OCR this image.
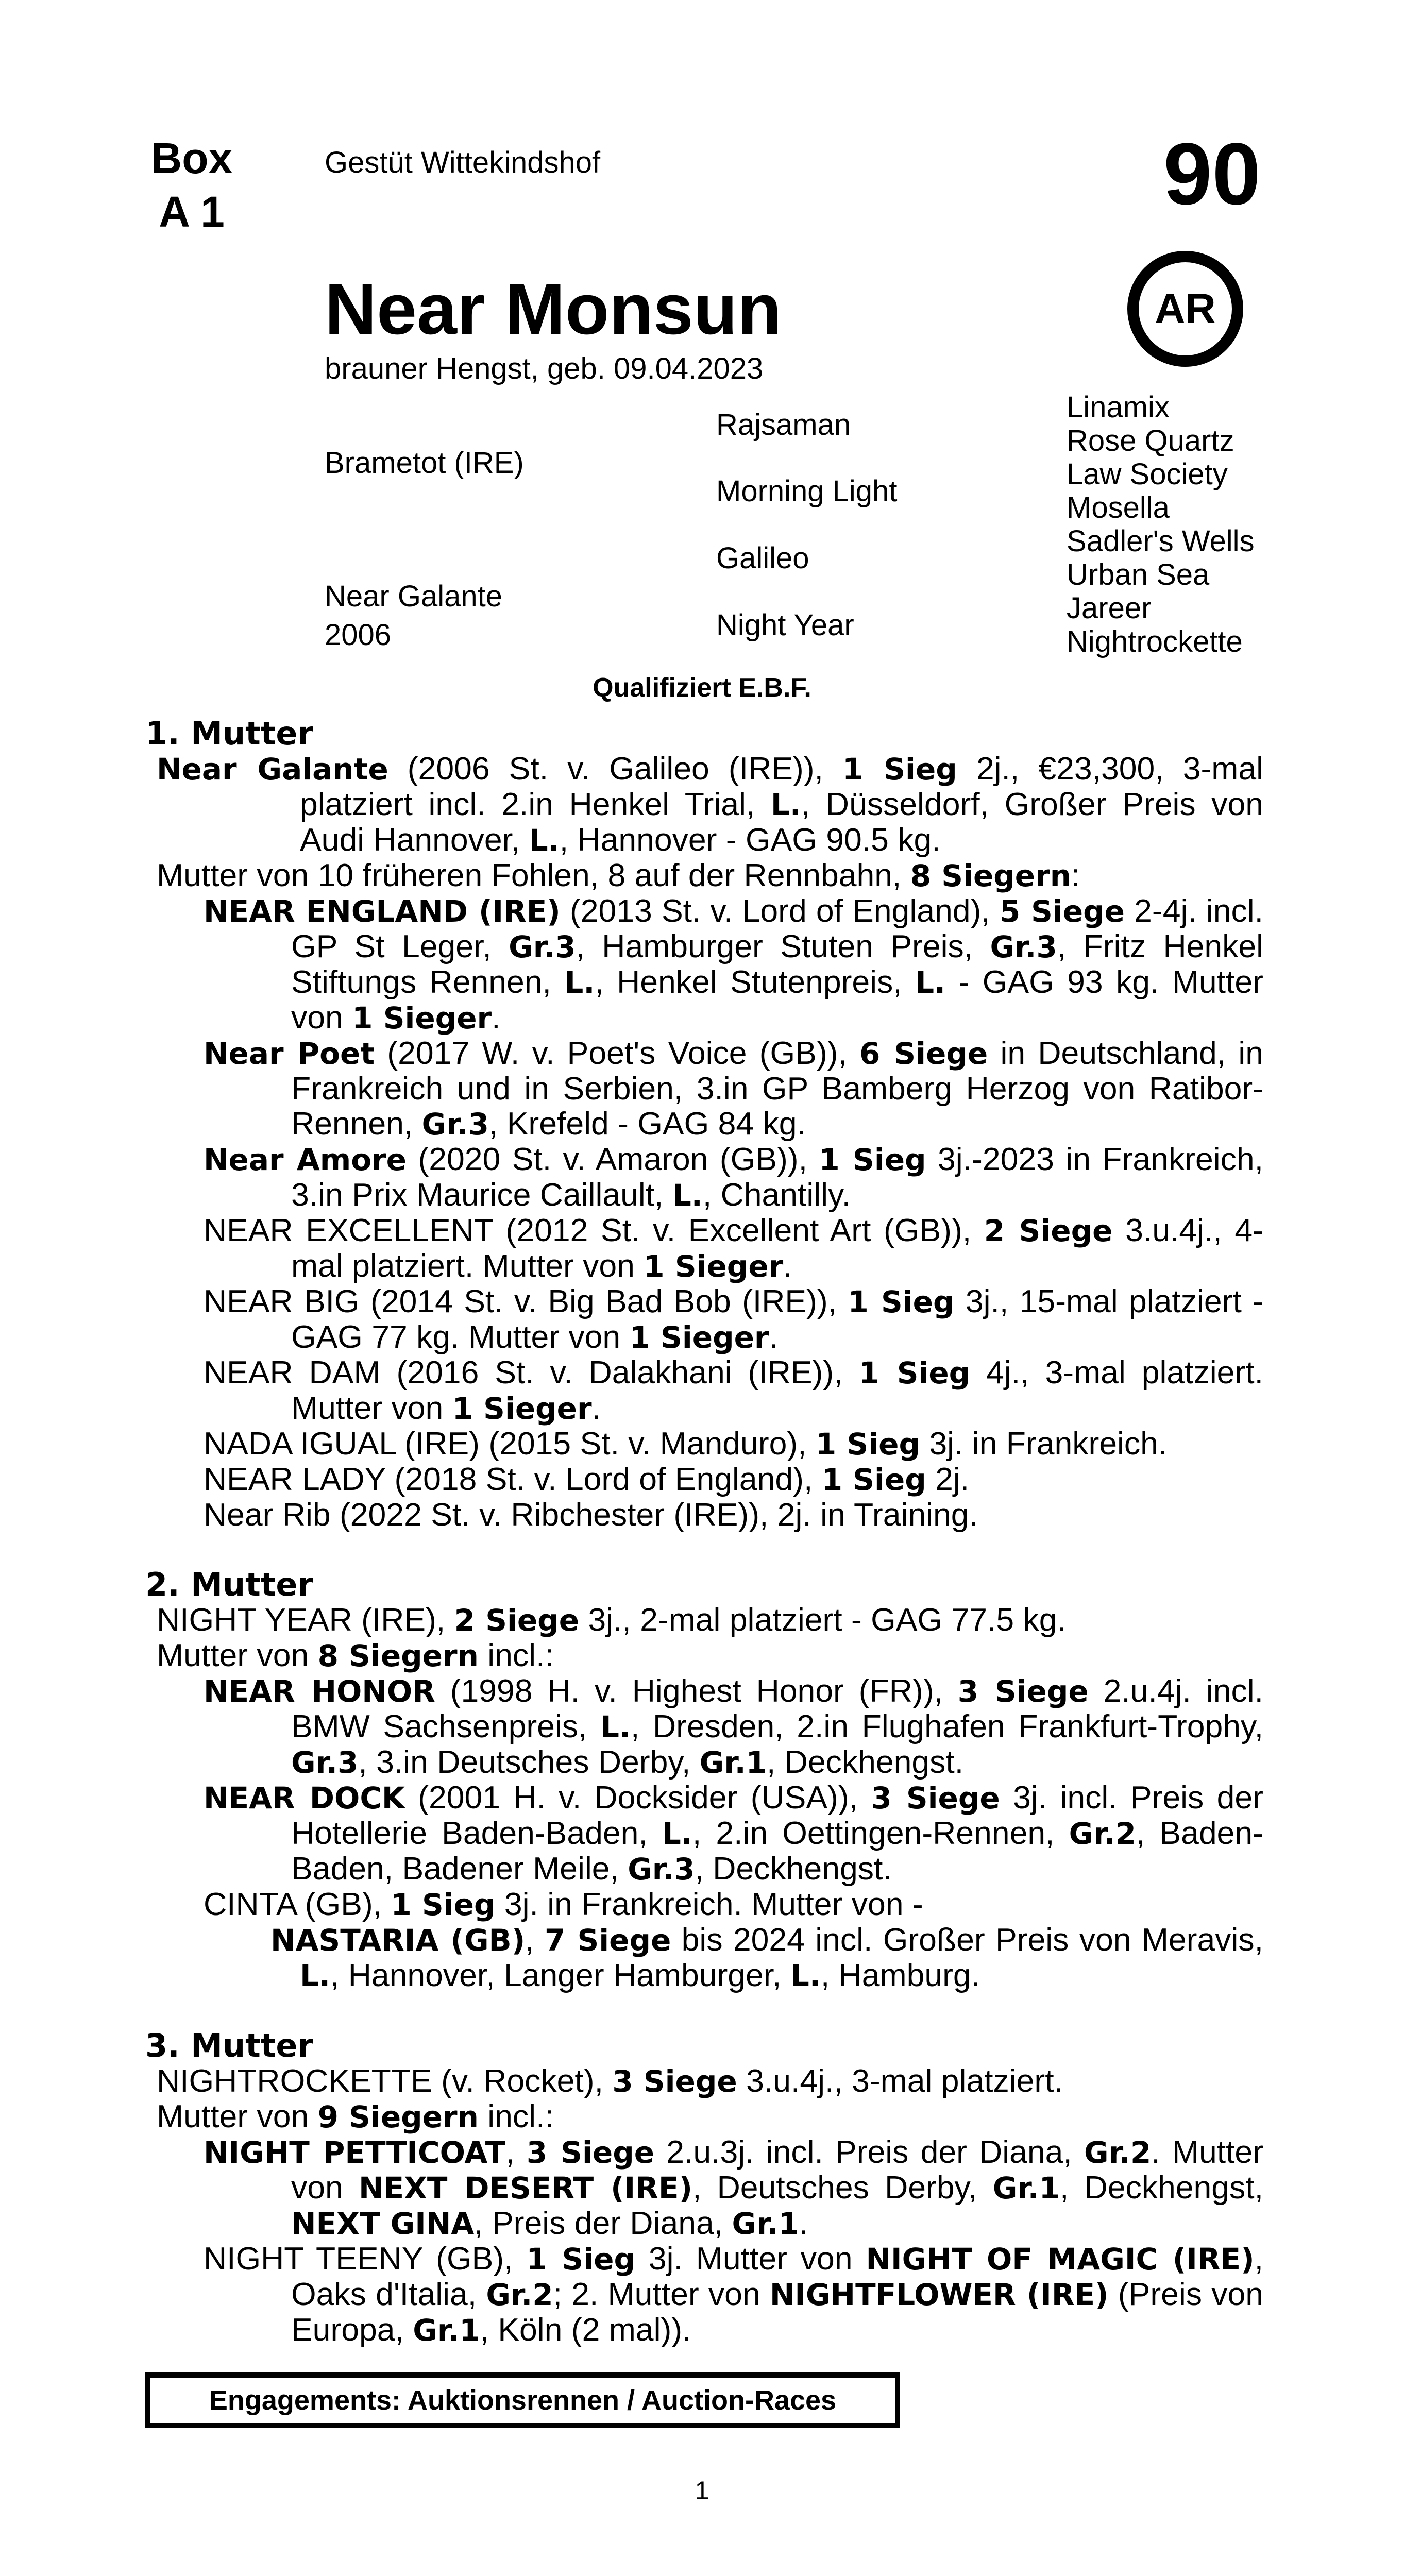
Box
A 1
Gestüt Wittekindshof	90
AR
Near Monsun
brauner Hengst, geb. 09.04.2023
Brametot (IRE)
Near Galante
2006
Rajsaman
Morning Light
Galileo
Night Year
Linamix
Rose Quartz
Law Society
Mosella
Sadler's Wells
Urban Sea
Jareer
Nightrockette
Qualifiziert E.B.F.

1. Mutter

Near Galante (2006 St. v. Galileo (IRE)), 1 Sieg 2j., €23,300, 3-mal platziert incl. 2.in Henkel Trial, L., Düsseldorf, Großer Preis von Audi Hannover, L., Hannover - GAG 90.5 kg.

Mutter von 10 früheren Fohlen, 8 auf der Rennbahn, 8 Siegern:

NEAR ENGLAND (IRE) (2013 St. v. Lord of England), 5 Siege 2-4j. incl. GP St Leger, Gr.3, Hamburger Stuten Preis, Gr.3, Fritz Henkel Stiftungs Rennen, L., Henkel Stutenpreis, L. - GAG 93 kg. Mutter von 1 Sieger.

Near Poet (2017 W. v. Poet's Voice (GB)), 6 Siege in Deutschland, in Frankreich und in Serbien, 3.in GP Bamberg Herzog von Ratibor-Rennen, Gr.3, Krefeld - GAG 84 kg.

Near Amore (2020 St. v. Amaron (GB)), 1 Sieg 3j.-2023 in Frankreich, 3.in Prix Maurice Caillault, L., Chantilly.

NEAR EXCELLENT (2012 St. v. Excellent Art (GB)), 2 Siege 3.u.4j., 4-mal platziert. Mutter von 1 Sieger.

NEAR BIG (2014 St. v. Big Bad Bob (IRE)), 1 Sieg 3j., 15-mal platziert - GAG 77 kg. Mutter von 1 Sieger.

NEAR DAM (2016 St. v. Dalakhani (IRE)), 1 Sieg 4j., 3-mal platziert. Mutter von 1 Sieger.

NADA IGUAL (IRE) (2015 St. v. Manduro), 1 Sieg 3j. in Frankreich.

NEAR LADY (2018 St. v. Lord of England), 1 Sieg 2j.

Near Rib (2022 St. v. Ribchester (IRE)), 2j. in Training.

2. Mutter

NIGHT YEAR (IRE), 2 Siege 3j., 2-mal platziert - GAG 77.5 kg.

Mutter von 8 Siegern incl.:

NEAR HONOR (1998 H. v. Highest Honor (FR)), 3 Siege 2.u.4j. incl. BMW Sachsenpreis, L., Dresden, 2.in Flughafen Frankfurt-Trophy, Gr.3, 3.in Deutsches Derby, Gr.1, Deckhengst.

NEAR DOCK (2001 H. v. Docksider (USA)), 3 Siege 3j. incl. Preis der Hotellerie Baden-Baden, L., 2.in Oettingen-Rennen, Gr.2, Baden-Baden, Badener Meile, Gr.3, Deckhengst.

CINTA (GB), 1 Sieg 3j. in Frankreich. Mutter von -

NASTARIA (GB), 7 Siege bis 2024 incl. Großer Preis von Meravis, L., Hannover, Langer Hamburger, L., Hamburg.

3. Mutter

NIGHTROCKETTE (v. Rocket), 3 Siege 3.u.4j., 3-mal platziert.

Mutter von 9 Siegern incl.:

NIGHT PETTICOAT, 3 Siege 2.u.3j. incl. Preis der Diana, Gr.2. Mutter von NEXT DESERT (IRE), Deutsches Derby, Gr.1, Deckhengst, NEXT GINA, Preis der Diana, Gr.1.

NIGHT TEENY (GB), 1 Sieg 3j. Mutter von NIGHT OF MAGIC (IRE), Oaks d'Italia, Gr.2; 2. Mutter von NIGHTFLOWER (IRE) (Preis von Europa, Gr.1, Köln (2 mal)).

Engagements: Auktionsrennen / Auction-Races
1
